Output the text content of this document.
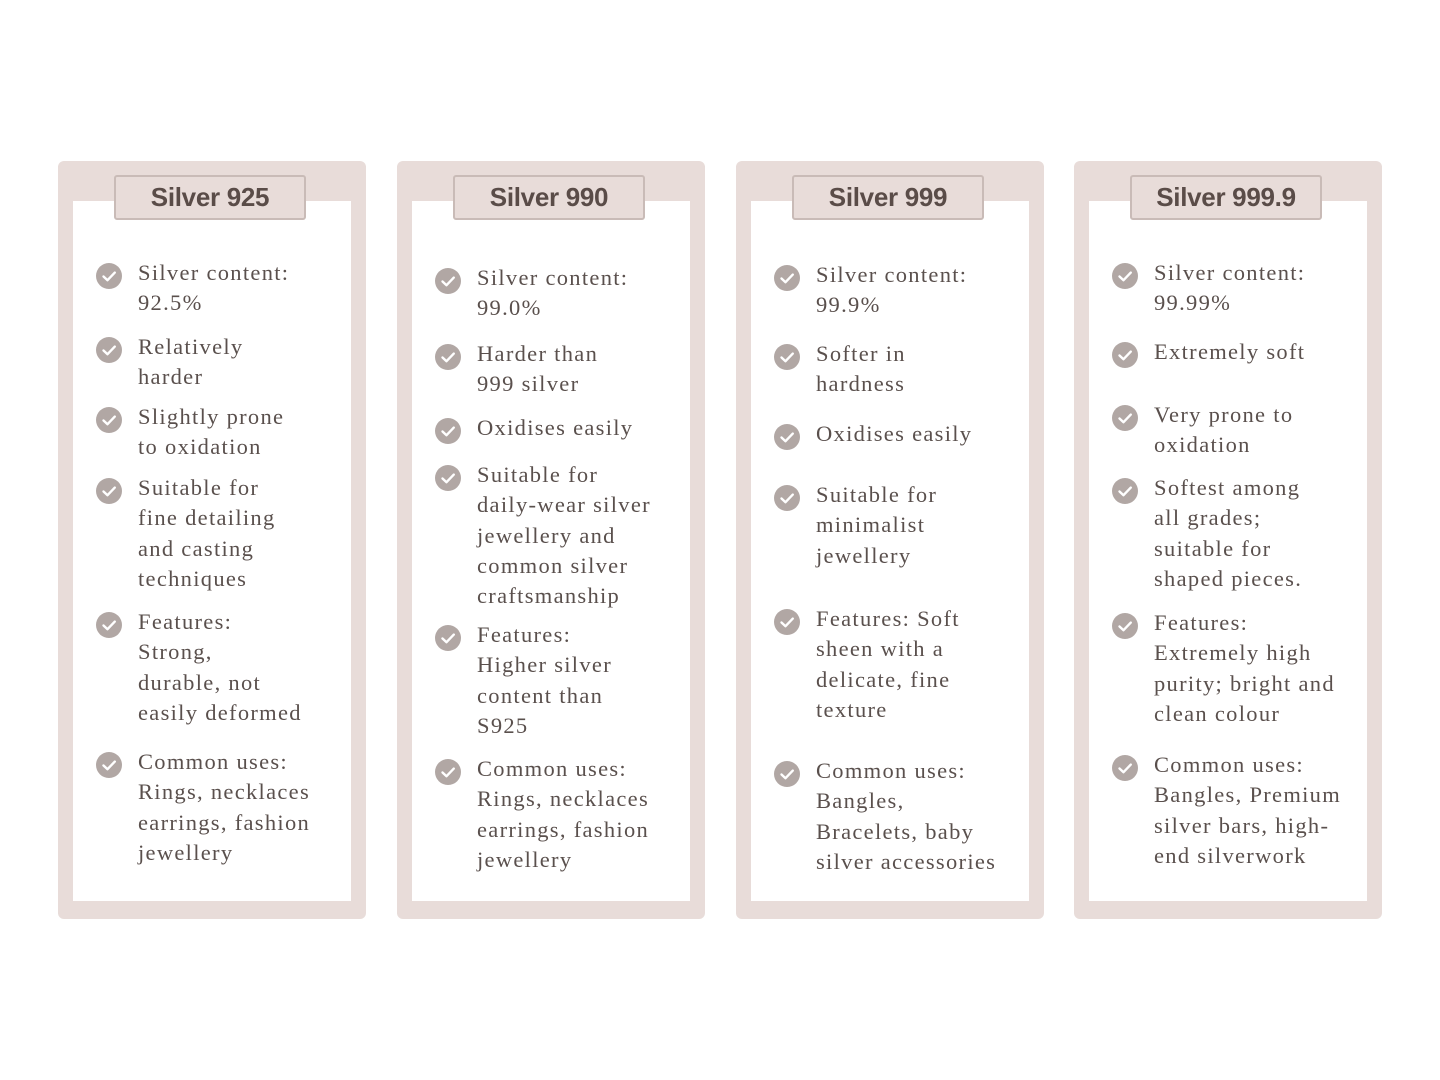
Silver 925
Silver content:
92.5%
Relatively
harder
Slightly prone
to oxidation
Suitable for
fine detailing
and casting
techniques
Features:
Strong,
durable, not
easily deformed
Common uses:
Rings, necklaces
earrings, fashion
jewellery
Silver 990
Silver content:
99.0%
Harder than
999 silver
Oxidises easily
Suitable for
daily-wear silver
jewellery and
common silver
craftsmanship
Features:
Higher silver
content than
S925
Common uses:
Rings, necklaces
earrings, fashion
jewellery
Silver 999
Silver content:
99.9%
Softer in
hardness
Oxidises easily
Suitable for
minimalist
jewellery
Features: Soft
sheen with a
delicate, fine
texture
Common uses:
Bangles,
Bracelets, baby
silver accessories
Silver 999.9
Silver content:
99.99%
Extremely soft
Very prone to
oxidation
Softest among
all grades;
suitable for
shaped pieces.
Features:
Extremely high
purity; bright and
clean colour
Common uses:
Bangles, Premium
silver bars, high-
end silverwork
